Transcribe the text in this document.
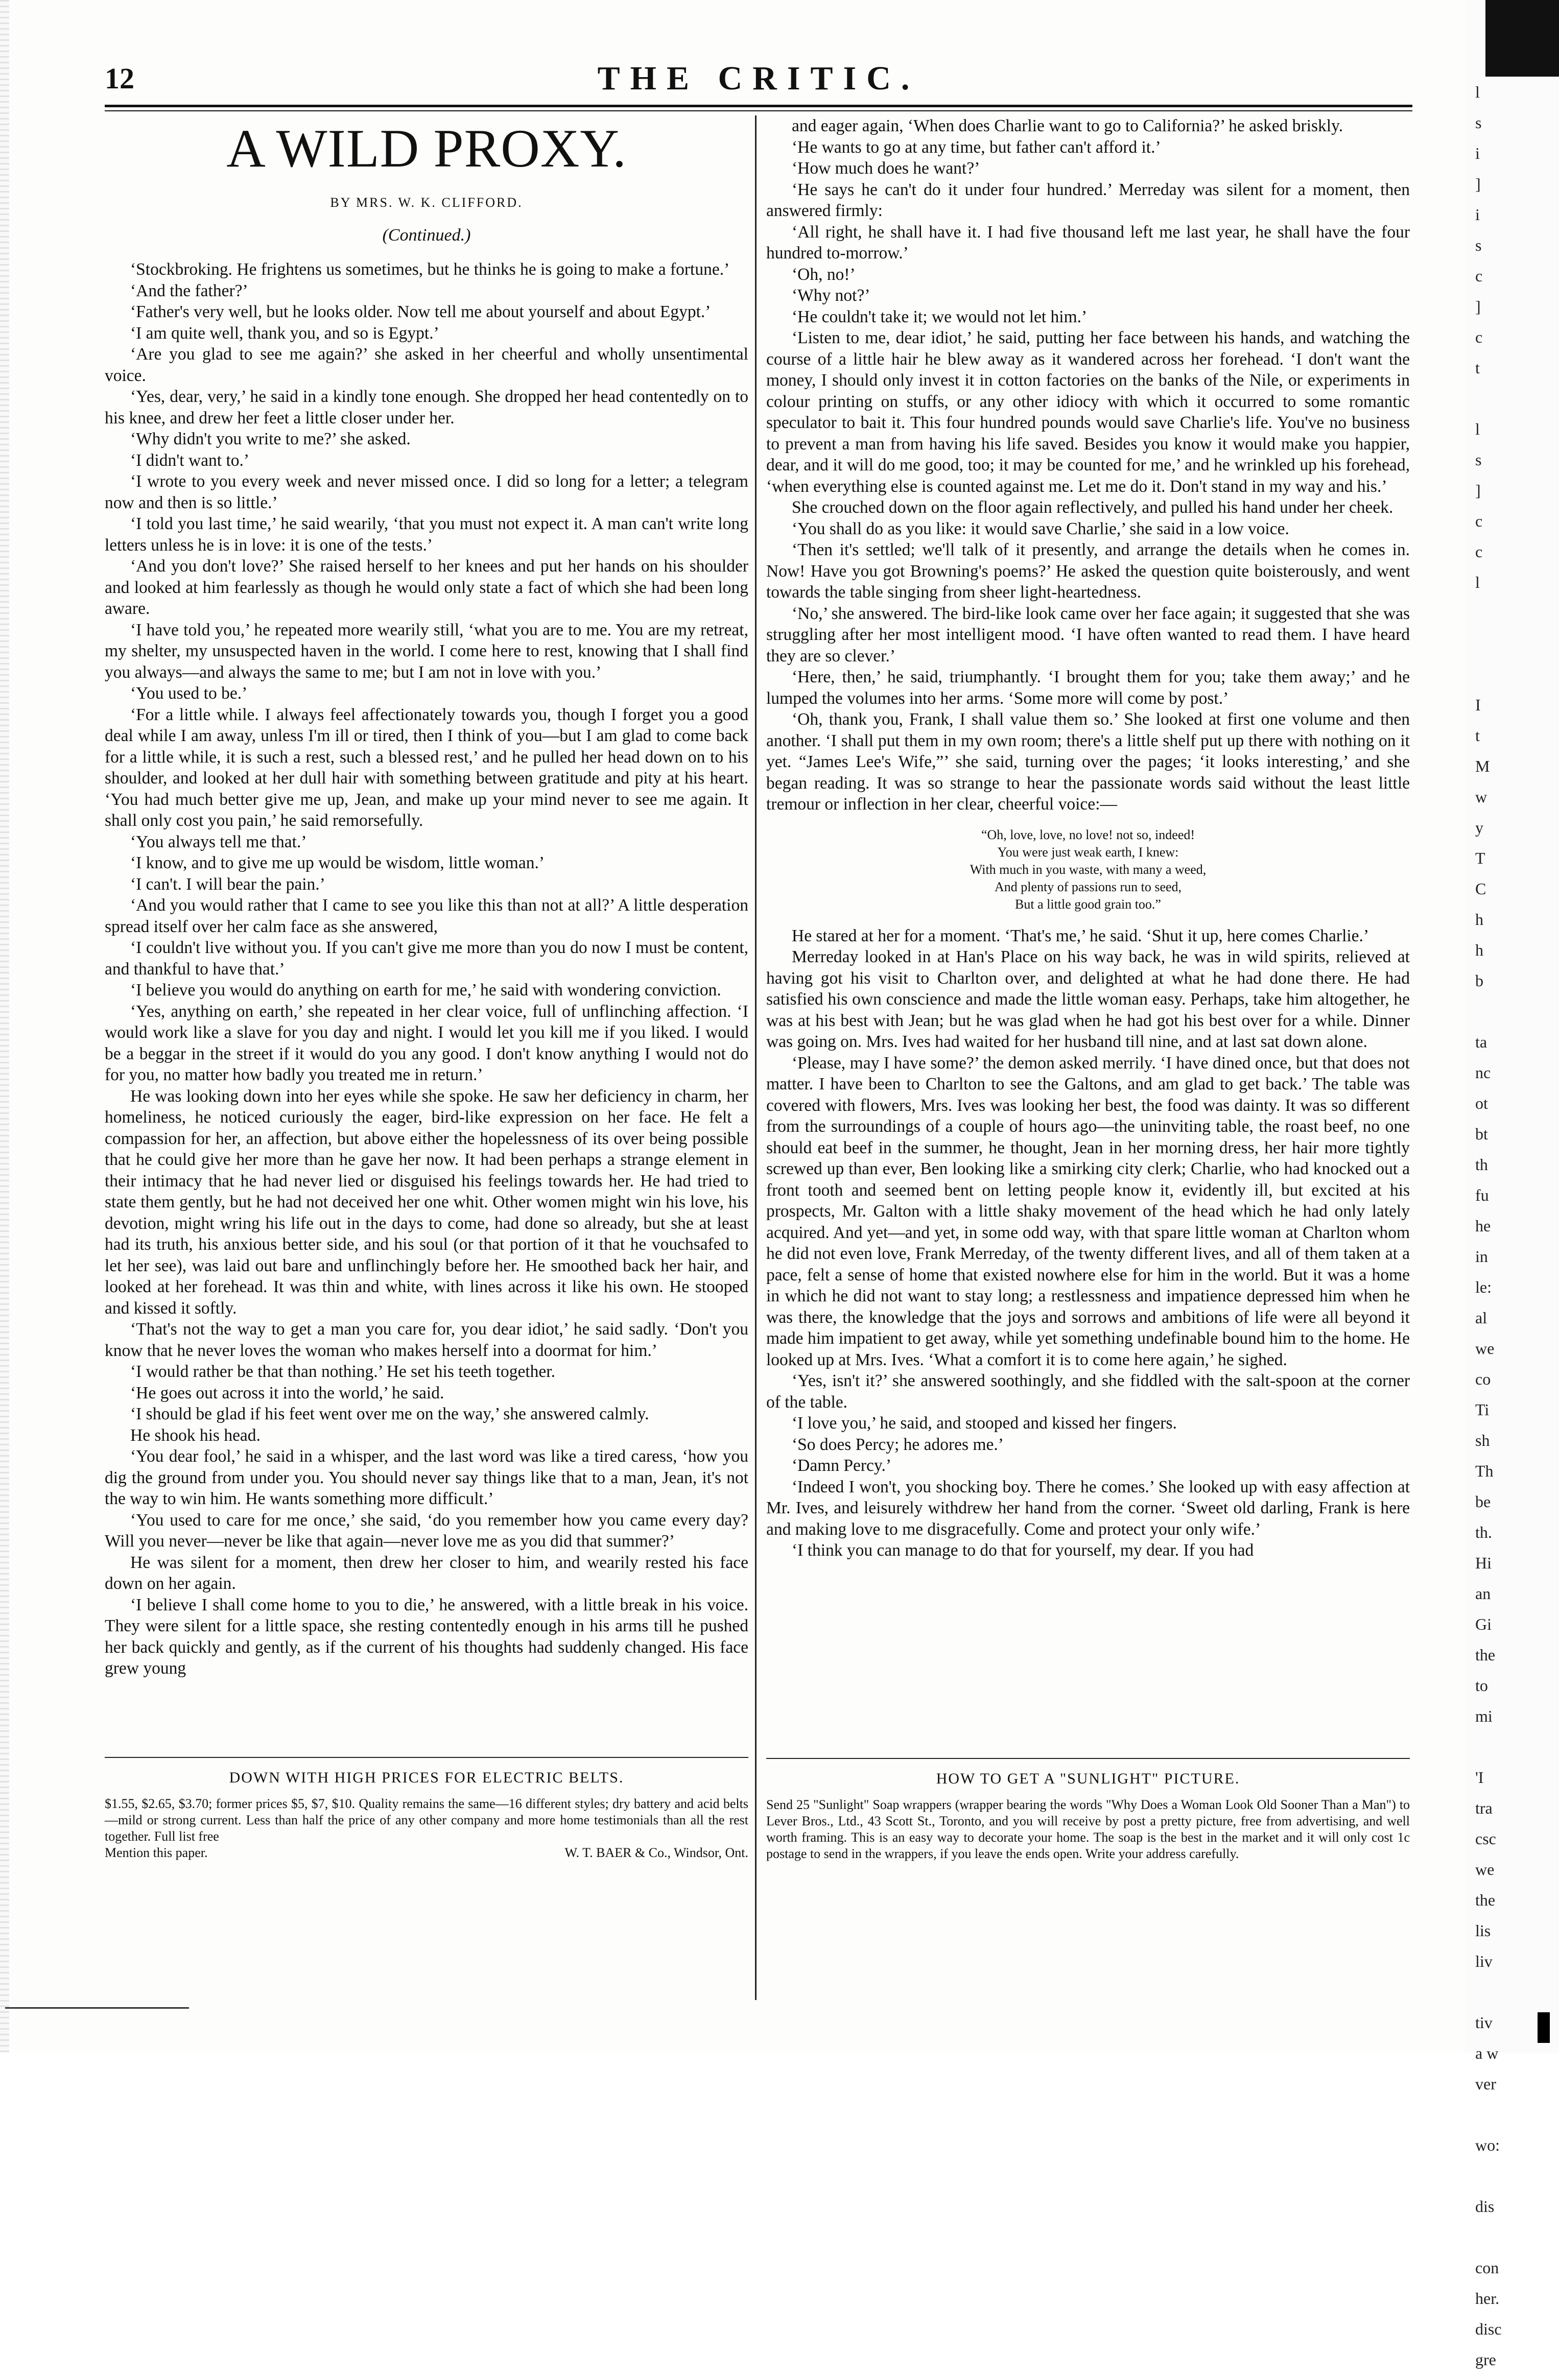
12	THE CRITIC.
A WILD PROXY.
BY MRS. W. K. CLIFFORD.
(Continued.)

‘Stockbroking. He frightens us sometimes, but he thinks he is going to make a fortune.’

‘And the father?’

‘Father's very well, but he looks older. Now tell me about yourself and about Egypt.’

‘I am quite well, thank you, and so is Egypt.’

‘Are you glad to see me again?’ she asked in her cheerful and wholly unsentimental voice.

‘Yes, dear, very,’ he said in a kindly tone enough. She dropped her head contentedly on to his knee, and drew her feet a little closer under her.

‘Why didn't you write to me?’ she asked.

‘I didn't want to.’

‘I wrote to you every week and never missed once. I did so long for a letter; a telegram now and then is so little.’

‘I told you last time,’ he said wearily, ‘that you must not expect it. A man can't write long letters unless he is in love: it is one of the tests.’

‘And you don't love?’ She raised herself to her knees and put her hands on his shoulder and looked at him fearlessly as though he would only state a fact of which she had been long aware.

‘I have told you,’ he repeated more wearily still, ‘what you are to me. You are my retreat, my shelter, my unsuspected haven in the world. I come here to rest, knowing that I shall find you always—and always the same to me; but I am not in love with you.’

‘You used to be.’

‘For a little while. I always feel affectionately towards you, though I forget you a good deal while I am away, unless I'm ill or tired, then I think of you—but I am glad to come back for a little while, it is such a rest, such a blessed rest,’ and he pulled her head down on to his shoulder, and looked at her dull hair with something between gratitude and pity at his heart. ‘You had much better give me up, Jean, and make up your mind never to see me again. It shall only cost you pain,’ he said remorsefully.

‘You always tell me that.’

‘I know, and to give me up would be wisdom, little woman.’

‘I can't. I will bear the pain.’

‘And you would rather that I came to see you like this than not at all?’ A little desperation spread itself over her calm face as she answered,

‘I couldn't live without you. If you can't give me more than you do now I must be content, and thankful to have that.’

‘I believe you would do anything on earth for me,’ he said with wondering conviction.

‘Yes, anything on earth,’ she repeated in her clear voice, full of unflinching affection. ‘I would work like a slave for you day and night. I would let you kill me if you liked. I would be a beggar in the street if it would do you any good. I don't know anything I would not do for you, no matter how badly you treated me in return.’

He was looking down into her eyes while she spoke. He saw her deficiency in charm, her homeliness, he noticed curiously the eager, bird-like expression on her face. He felt a compassion for her, an affection, but above either the hopelessness of its over being possible that he could give her more than he gave her now. It had been perhaps a strange element in their intimacy that he had never lied or disguised his feelings towards her. He had tried to state them gently, but he had not deceived her one whit. Other women might win his love, his devotion, might wring his life out in the days to come, had done so already, but she at least had its truth, his anxious better side, and his soul (or that portion of it that he vouchsafed to let her see), was laid out bare and unflinchingly before her. He smoothed back her hair, and looked at her forehead. It was thin and white, with lines across it like his own. He stooped and kissed it softly.

‘That's not the way to get a man you care for, you dear idiot,’ he said sadly. ‘Don't you know that he never loves the woman who makes herself into a doormat for him.’

‘I would rather be that than nothing.’ He set his teeth together.

‘He goes out across it into the world,’ he said.

‘I should be glad if his feet went over me on the way,’ she answered calmly.

He shook his head.

‘You dear fool,’ he said in a whisper, and the last word was like a tired caress, ‘how you dig the ground from under you. You should never say things like that to a man, Jean, it's not the way to win him. He wants something more difficult.’

‘You used to care for me once,’ she said, ‘do you remember how you came every day? Will you never—never be like that again—never love me as you did that summer?’

He was silent for a moment, then drew her closer to him, and wearily rested his face down on her again.

‘I believe I shall come home to you to die,’ he answered, with a little break in his voice. They were silent for a little space, she resting contentedly enough in his arms till he pushed her back quickly and gently, as if the current of his thoughts had suddenly changed. His face grew young

and eager again, ‘When does Charlie want to go to California?’ he asked briskly.

‘He wants to go at any time, but father can't afford it.’

‘How much does he want?’

‘He says he can't do it under four hundred.’ Merreday was silent for a moment, then answered firmly:

‘All right, he shall have it. I had five thousand left me last year, he shall have the four hundred to-morrow.’

‘Oh, no!’

‘Why not?’

‘He couldn't take it; we would not let him.’

‘Listen to me, dear idiot,’ he said, putting her face between his hands, and watching the course of a little hair he blew away as it wandered across her forehead. ‘I don't want the money, I should only invest it in cotton factories on the banks of the Nile, or experiments in colour printing on stuffs, or any other idiocy with which it occurred to some romantic speculator to bait it. This four hundred pounds would save Charlie's life. You've no business to prevent a man from having his life saved. Besides you know it would make you happier, dear, and it will do me good, too; it may be counted for me,’ and he wrinkled up his forehead, ‘when everything else is counted against me. Let me do it. Don't stand in my way and his.’

She crouched down on the floor again reflectively, and pulled his hand under her cheek.

‘You shall do as you like: it would save Charlie,’ she said in a low voice.

‘Then it's settled; we'll talk of it presently, and arrange the details when he comes in. Now! Have you got Browning's poems?’ He asked the question quite boisterously, and went towards the table singing from sheer light-heartedness.

‘No,’ she answered. The bird-like look came over her face again; it suggested that she was struggling after her most intelligent mood. ‘I have often wanted to read them. I have heard they are so clever.’

‘Here, then,’ he said, triumphantly. ‘I brought them for you; take them away;’ and he lumped the volumes into her arms. ‘Some more will come by post.’

‘Oh, thank you, Frank, I shall value them so.’ She looked at first one volume and then another. ‘I shall put them in my own room; there's a little shelf put up there with nothing on it yet. “James Lee's Wife,”’ she said, turning over the pages; ‘it looks interesting,’ and she began reading. It was so strange to hear the passionate words said without the least little tremour or inflection in her clear, cheerful voice:—

“Oh, love, love, no love! not so, indeed!
You were just weak earth, I knew:
With much in you waste, with many a weed,
And plenty of passions run to seed,
But a little good grain too.”

He stared at her for a moment. ‘That's me,’ he said. ‘Shut it up, here comes Charlie.’

Merreday looked in at Han's Place on his way back, he was in wild spirits, relieved at having got his visit to Charlton over, and delighted at what he had done there. He had satisfied his own conscience and made the little woman easy. Perhaps, take him altogether, he was at his best with Jean; but he was glad when he had got his best over for a while. Dinner was going on. Mrs. Ives had waited for her husband till nine, and at last sat down alone.

‘Please, may I have some?’ the demon asked merrily. ‘I have dined once, but that does not matter. I have been to Charlton to see the Galtons, and am glad to get back.’ The table was covered with flowers, Mrs. Ives was looking her best, the food was dainty. It was so different from the surroundings of a couple of hours ago—the uninviting table, the roast beef, no one should eat beef in the summer, he thought, Jean in her morning dress, her hair more tightly screwed up than ever, Ben looking like a smirking city clerk; Charlie, who had knocked out a front tooth and seemed bent on letting people know it, evidently ill, but excited at his prospects, Mr. Galton with a little shaky movement of the head which he had only lately acquired. And yet—and yet, in some odd way, with that spare little woman at Charlton whom he did not even love, Frank Merreday, of the twenty different lives, and all of them taken at a pace, felt a sense of home that existed nowhere else for him in the world. But it was a home in which he did not want to stay long; a restlessness and impatience depressed him when he was there, the knowledge that the joys and sorrows and ambitions of life were all beyond it made him impatient to get away, while yet something undefinable bound him to the home. He looked up at Mrs. Ives. ‘What a comfort it is to come here again,’ he sighed.

‘Yes, isn't it?’ she answered soothingly, and she fiddled with the salt-spoon at the corner of the table.

‘I love you,’ he said, and stooped and kissed her fingers.

‘So does Percy; he adores me.’

‘Damn Percy.’

‘Indeed I won't, you shocking boy. There he comes.’ She looked up with easy affection at Mr. Ives, and leisurely withdrew her hand from the corner. ‘Sweet old darling, Frank is here and making love to me disgracefully. Come and protect your only wife.’

‘I think you can manage to do that for yourself, my dear. If you had

DOWN WITH HIGH PRICES FOR ELECTRIC BELTS.
$1.55, $2.65, $3.70; former prices $5, $7, $10. Quality remains the same—16 different styles; dry battery and acid belts—mild or strong current. Less than half the price of any other company and more home testimonials than all the rest together. Full list free
Mention this paper.	W. T. BAER & Co., Windsor, Ont.
HOW TO GET A "SUNLIGHT" PICTURE.
Send 25 "Sunlight" Soap wrappers (wrapper bearing the words "Why Does a Woman Look Old Sooner Than a Man") to Lever Bros., Ltd., 43 Scott St., Toronto, and you will receive by post a pretty picture, free from advertising, and well worth framing. This is an easy way to decorate your home. The soap is the best in the market and it will only cost 1c postage to send in the wrappers, if you leave the ends open. Write your address carefully.

l

s

i

]

i

s

c

]

c

t

l

s

]

c

c

l

I

t

M

w

y

T

C

h

h

b

ta

nc

ot

bt

th

fu

he

in

le:

al

we

co

Ti

sh

Th

be

th.

Hi

an

Gi

the

to

mi

'I

tra

csc

we

the

lis

liv

tiv

a w

ver

wo:

dis

con

her.

disc

gre
